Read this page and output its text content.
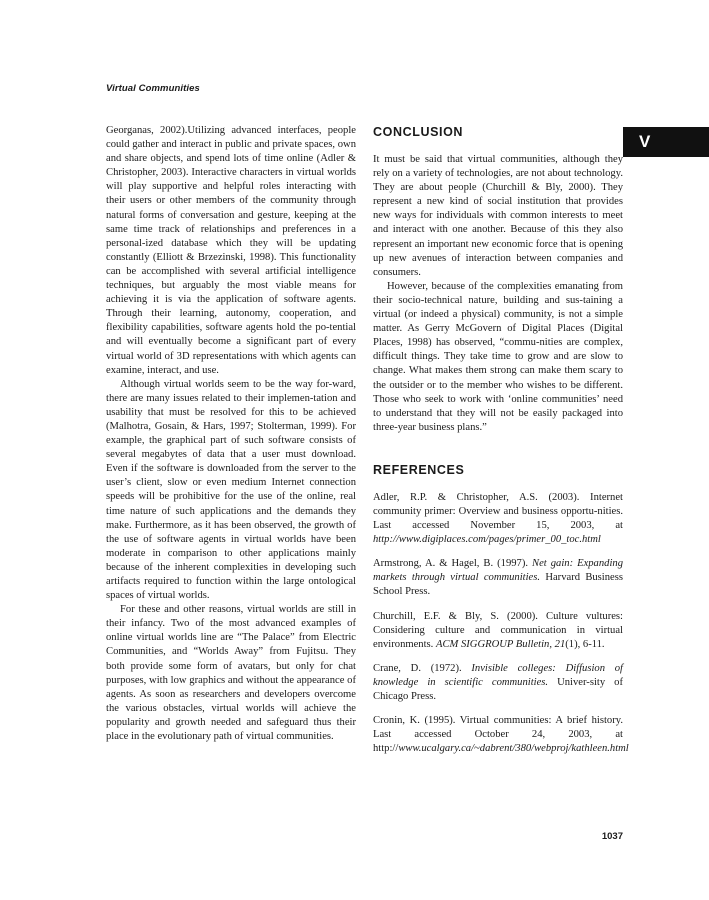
Virtual Communities
V

Georganas, 2002).Utilizing advanced interfaces, people could gather and interact in public and private spaces, own and share objects, and spend lots of time online (Adler & Christopher, 2003). Interactive characters in virtual worlds will play supportive and helpful roles interacting with their users or other members of the community through natural forms of conversation and gesture, keeping at the same time track of relationships and preferences in a personal-ized database which they will be updating constantly (Elliott & Brzezinski, 1998). This functionality can be accomplished with several artificial intelligence techniques, but arguably the most viable means for achieving it is via the application of software agents. Through their learning, autonomy, cooperation, and flexibility capabilities, software agents hold the po-tential and will eventually become a significant part of every virtual world of 3D representations with which agents can examine, interact, and use.

Although virtual worlds seem to be the way for-ward, there are many issues related to their implemen-tation and usability that must be resolved for this to be achieved (Malhotra, Gosain, & Hars, 1997; Stolterman, 1999). For example, the graphical part of such software consists of several megabytes of data that a user must download. Even if the software is downloaded from the server to the user’s client, slow or even medium Internet connection speeds will be prohibitive for the use of the online, real time nature of such applications and the demands they make. Furthermore, as it has been observed, the growth of the use of software agents in virtual worlds have been moderate in comparison to other applications mainly because of the inherent complexities in developing such artifacts required to function within the large ontological spaces of virtual worlds.

For these and other reasons, virtual worlds are still in their infancy. Two of the most advanced examples of online virtual worlds line are “The Palace” from Electric Communities, and “Worlds Away” from Fujitsu. They both provide some form of avatars, but only for chat purposes, with low graphics and without the appearance of agents. As soon as researchers and developers overcome the various obstacles, virtual worlds will achieve the popularity and growth needed and safeguard thus their place in the evolutionary path of virtual communities.

CONCLUSION

It must be said that virtual communities, although they rely on a variety of technologies, are not about technology. They are about people (Churchill & Bly, 2000). They represent a new kind of social institution that provides new ways for individuals with common interests to meet and interact with one another. Because of this they also represent an important new economic force that is opening up new avenues of interaction between companies and consumers.

However, because of the complexities emanating from their socio-technical nature, building and sus-taining a virtual (or indeed a physical) community, is not a simple matter. As Gerry McGovern of Digital Places (Digital Places, 1998) has observed, “commu-nities are complex, difficult things. They take time to grow and are slow to change. What makes them strong can make them scary to the outsider or to the member who wishes to be different. Those who seek to work with ‘online communities’ need to understand that they will not be easily packaged into three-year business plans.”

REFERENCES

Adler, R.P. & Christopher, A.S. (2003). Internet community primer: Overview and business opportu-nities. Last accessed November 15, 2003, at http://www.digiplaces.com/pages/primer_00_toc.html

Armstrong, A. & Hagel, B. (1997). Net gain: Expanding markets through virtual communities. Harvard Business School Press.

Churchill, E.F. & Bly, S. (2000). Culture vultures: Considering culture and communication in virtual environments. ACM SIGGROUP Bulletin, 21(1), 6-11.

Crane, D. (1972). Invisible colleges: Diffusion of knowledge in scientific communities. Univer-sity of Chicago Press.

Cronin, K. (1995). Virtual communities: A brief history. Last accessed October 24, 2003, at http://www.ucalgary.ca/~dabrent/380/webproj/kathleen.html

1037
